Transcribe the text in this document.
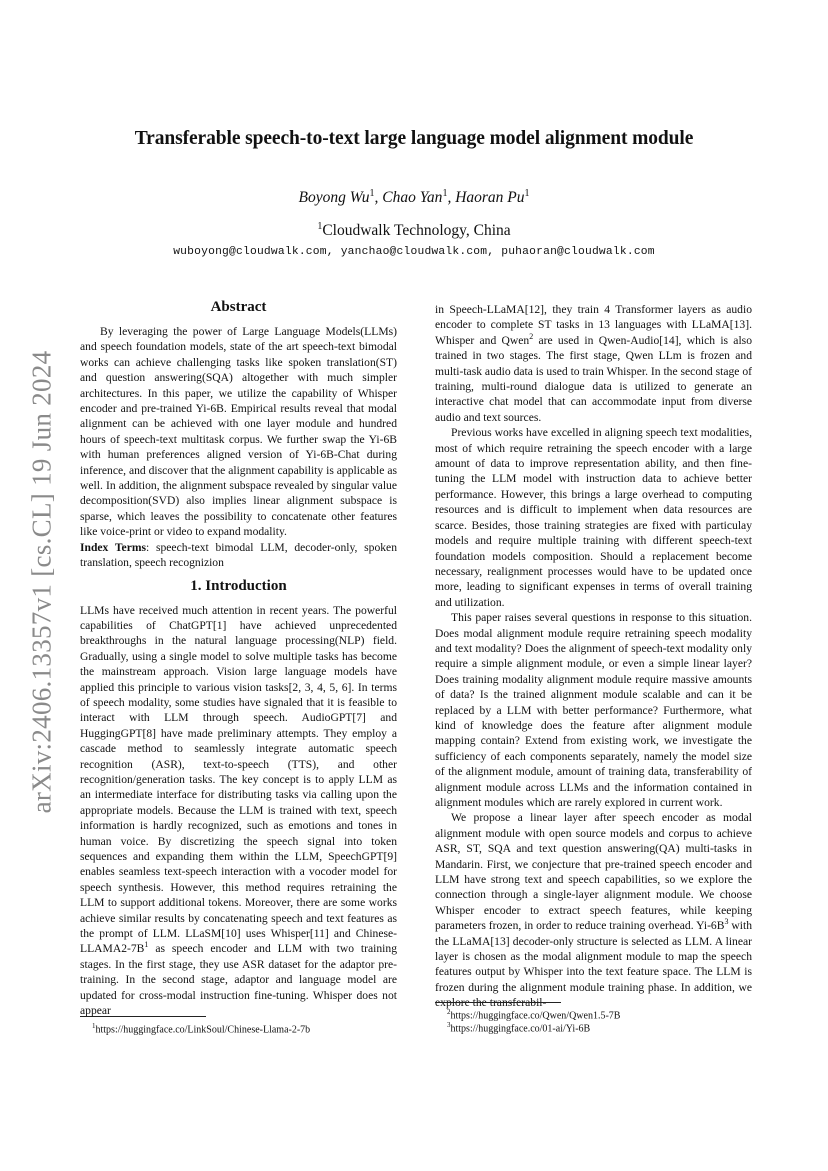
arXiv:2406.13357v1 [cs.CL] 19 Jun 2024
Transferable speech-to-text large language model alignment module
Boyong Wu$^1$, Chao Yan$^1$, Haoran Pu$^1$
$^1$Cloudwalk Technology, China
wuboyong@cloudwalk.com, yanchao@cloudwalk.com, puhaoran@cloudwalk.com
Abstract

By leveraging the power of Large Language Models(LLMs) and speech foundation models, state of the art speech-text bimodal works can achieve challenging tasks like spoken translation(ST) and question answering(SQA) altogether with much simpler architectures. In this paper, we utilize the capability of Whisper encoder and pre-trained Yi-6B. Empirical results reveal that modal alignment can be achieved with one layer module and hundred hours of speech-text multitask corpus. We further swap the Yi-6B with human preferences aligned version of Yi-6B-Chat during inference, and discover that the alignment capability is applicable as well. In addition, the alignment subspace revealed by singular value decomposition(SVD) also implies linear alignment subspace is sparse, which leaves the possibility to concatenate other features like voice-print or video to expand modality.

Index Terms: speech-text bimodal LLM, decoder-only, spoken translation, speech recognizion

1. Introduction

LLMs have received much attention in recent years. The powerful capabilities of ChatGPT[1] have achieved unprecedented breakthroughs in the natural language processing(NLP) field. Gradually, using a single model to solve multiple tasks has become the mainstream approach. Vision large language models have applied this principle to various vision tasks[2, 3, 4, 5, 6]. In terms of speech modality, some studies have signaled that it is feasible to interact with LLM through speech. AudioGPT[7] and HuggingGPT[8] have made preliminary attempts. They employ a cascade method to seamlessly integrate automatic speech recognition (ASR), text-to-speech (TTS), and other recognition/generation tasks. The key concept is to apply LLM as an intermediate interface for distributing tasks via calling upon the appropriate models. Because the LLM is trained with text, speech information is hardly recognized, such as emotions and tones in human voice. By discretizing the speech signal into token sequences and expanding them within the LLM, SpeechGPT[9] enables seamless text-speech interaction with a vocoder model for speech synthesis. However, this method requires retraining the LLM to support additional tokens. Moreover, there are some works achieve similar results by concatenating speech and text features as the prompt of LLM. LLaSM[10] uses Whisper[11] and Chinese-LLAMA2-7B$^1$ as speech encoder and LLM with two training stages. In the first stage, they use ASR dataset for the adaptor pre-training. In the second stage, adaptor and language model are updated for cross-modal instruction fine-tuning. Whisper does not appear

in Speech-LLaMA[12], they train 4 Transformer layers as audio encoder to complete ST tasks in 13 languages with LLaMA[13]. Whisper and Qwen$^2$ are used in Qwen-Audio[14], which is also trained in two stages. The first stage, Qwen LLm is frozen and multi-task audio data is used to train Whisper. In the second stage of training, multi-round dialogue data is utilized to generate an interactive chat model that can accommodate input from diverse audio and text sources.

Previous works have excelled in aligning speech text modalities, most of which require retraining the speech encoder with a large amount of data to improve representation ability, and then fine-tuning the LLM model with instruction data to achieve better performance. However, this brings a large overhead to computing resources and is difficult to implement when data resources are scarce. Besides, those training strategies are fixed with particulay models and require multiple training with different speech-text foundation models composition. Should a replacement become necessary, realignment processes would have to be updated once more, leading to significant expenses in terms of overall training and utilization.

This paper raises several questions in response to this situation. Does modal alignment module require retraining speech modality and text modality? Does the alignment of speech-text modality only require a simple alignment module, or even a simple linear layer? Does training modality alignment module require massive amounts of data? Is the trained alignment module scalable and can it be replaced by a LLM with better performance? Furthermore, what kind of knowledge does the feature after alignment module mapping contain? Extend from existing work, we investigate the sufficiency of each components separately, namely the model size of the alignment module, amount of training data, transferability of alignment module across LLMs and the information contained in alignment modules which are rarely explored in current work.

We propose a linear layer after speech encoder as modal alignment module with open source models and corpus to achieve ASR, ST, SQA and text question answering(QA) multi-tasks in Mandarin. First, we conjecture that pre-trained speech encoder and LLM have strong text and speech capabilities, so we explore the connection through a single-layer alignment module. We choose Whisper encoder to extract speech features, while keeping parameters frozen, in order to reduce training overhead. Yi-6B$^3$ with the LLaMA[13] decoder-only structure is selected as LLM. A linear layer is chosen as the modal alignment module to map the speech features output by Whisper into the text feature space. The LLM is frozen during the alignment module training phase. In addition, we explore the transferabil-

$^1$https://huggingface.co/LinkSoul/Chinese-Llama-2-7b
$^2$https://huggingface.co/Qwen/Qwen1.5-7B
$^3$https://huggingface.co/01-ai/Yi-6B
